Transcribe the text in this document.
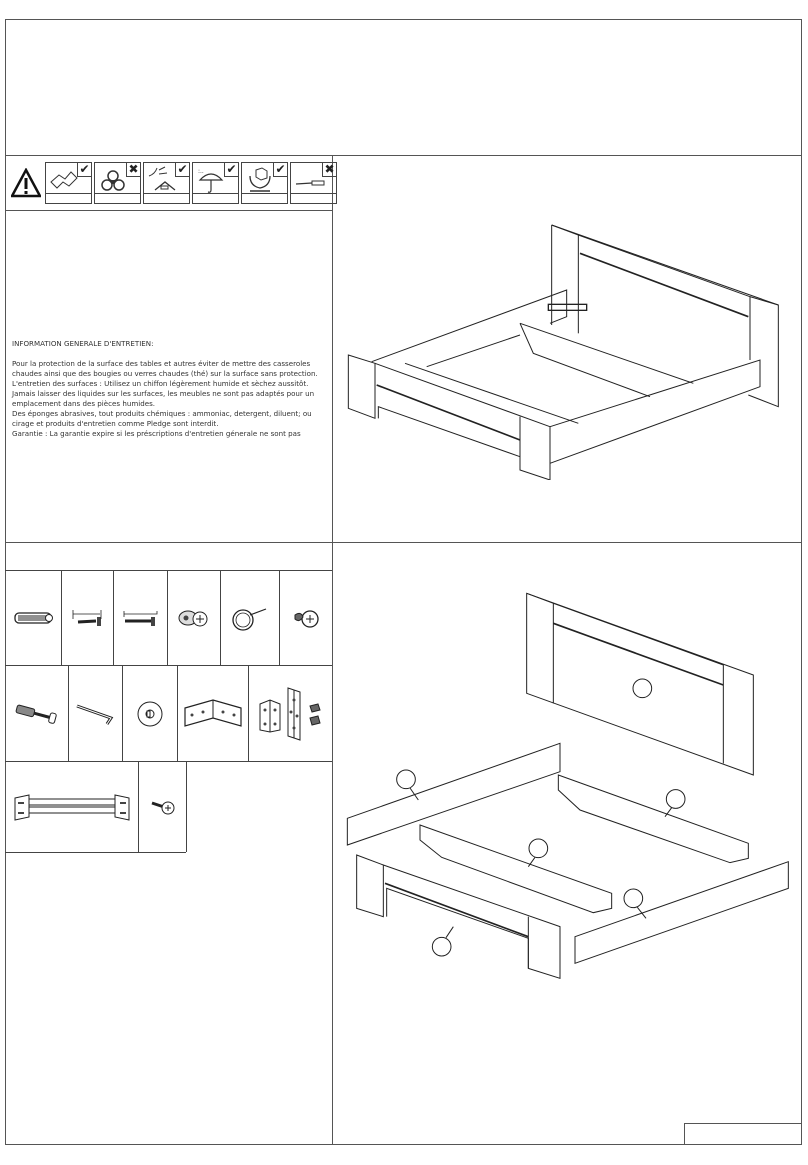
✔	✖	✔ :.. ✔	✔	✖
INFORMATION GENERALE D'ENTRETIEN:

Pour la protection de la surface des tables et autres éviter de mettre des casseroles

chaudes ainsi que des bougies ou verres chaudes (thé) sur la surface sans protection.

L'entretien des surfaces : Utilisez un chiffon légèrement humide et sèchez aussitôt.

Jamais laisser des liquides sur les surfaces, les meubles ne sont pas adaptés pour un

emplacement dans des pièces humides.

Des éponges abrasives, tout produits chémiques : ammoniac, detergent, diluent; ou

cirage et produits d'entretien comme Pledge sont interdit.

Garantie : La garantie expire si les préscriptions d'entretien génerale ne sont pas
